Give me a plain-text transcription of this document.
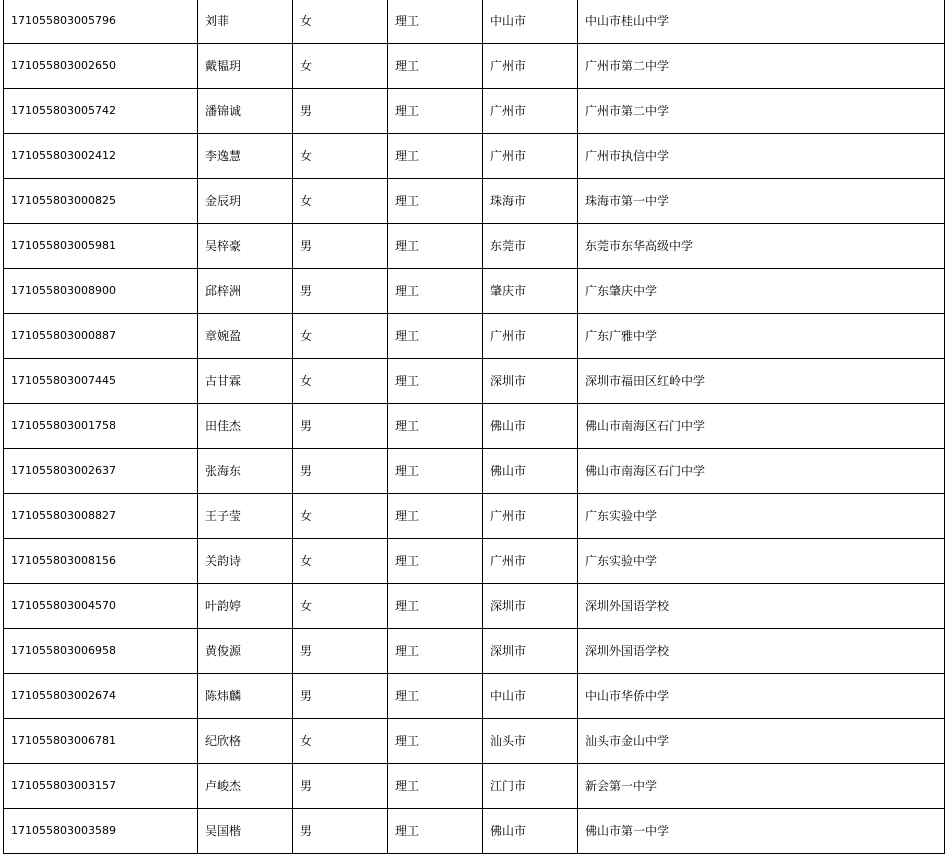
171055803005796	刘菲	女	理工	中山市	中山市桂山中学
171055803002650	戴韫玥	女	理工	广州市	广州市第二中学
171055803005742	潘锦诚	男	理工	广州市	广州市第二中学
171055803002412	李逸慧	女	理工	广州市	广州市执信中学
171055803000825	金辰玥	女	理工	珠海市	珠海市第一中学
171055803005981	吴梓豪	男	理工	东莞市	东莞市东华高级中学
171055803008900	邱梓洲	男	理工	肇庆市	广东肇庆中学
171055803000887	章婉盈	女	理工	广州市	广东广雅中学
171055803007445	古甘霖	女	理工	深圳市	深圳市福田区红岭中学
171055803001758	田佳杰	男	理工	佛山市	佛山市南海区石门中学
171055803002637	张海东	男	理工	佛山市	佛山市南海区石门中学
171055803008827	王子莹	女	理工	广州市	广东实验中学
171055803008156	关韵诗	女	理工	广州市	广东实验中学
171055803004570	叶韵婷	女	理工	深圳市	深圳外国语学校
171055803006958	黄俊源	男	理工	深圳市	深圳外国语学校
171055803002674	陈炜麟	男	理工	中山市	中山市华侨中学
171055803006781	纪欣格	女	理工	汕头市	汕头市金山中学
171055803003157	卢峻杰	男	理工	江门市	新会第一中学
171055803003589	吴国楷	男	理工	佛山市	佛山市第一中学
